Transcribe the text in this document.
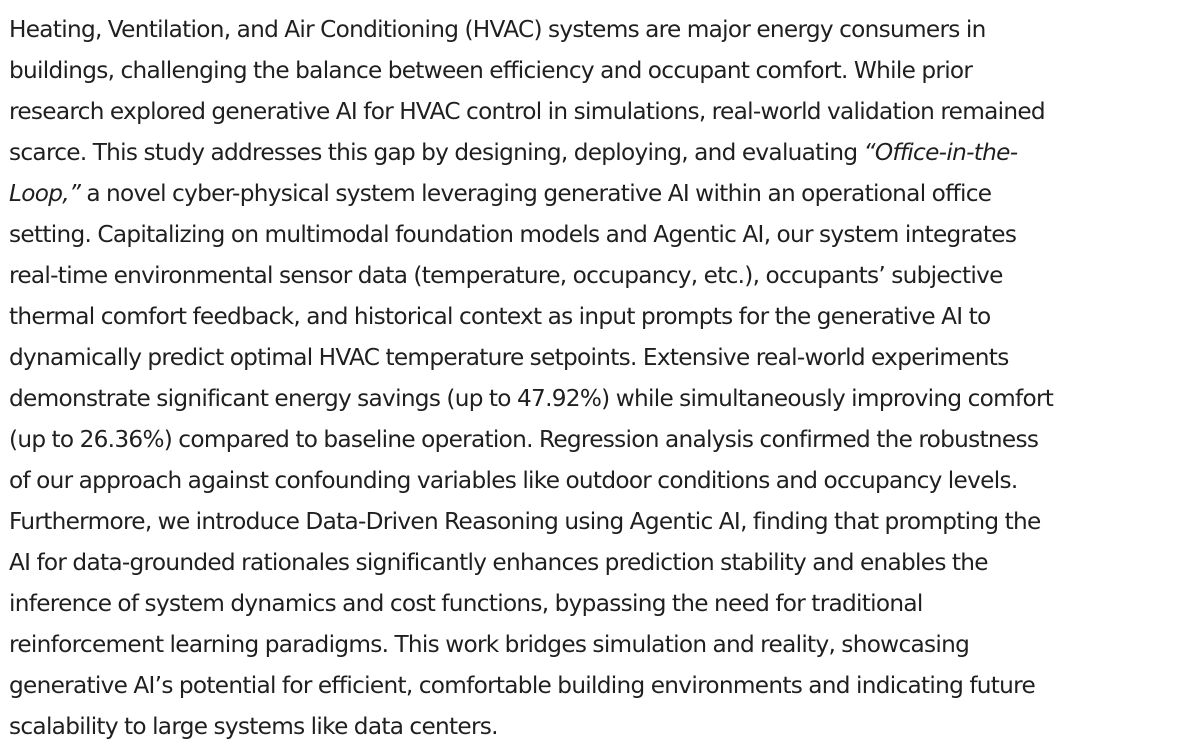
Heating, Ventilation, and Air Conditioning (HVAC) systems are major energy consumers in
buildings, challenging the balance between efficiency and occupant comfort. While prior
research explored generative AI for HVAC control in simulations, real-world validation remained
scarce. This study addresses this gap by designing, deploying, and evaluating “Office-in-the-
Loop,” a novel cyber-physical system leveraging generative AI within an operational office
setting. Capitalizing on multimodal foundation models and Agentic AI, our system integrates
real-time environmental sensor data (temperature, occupancy, etc.), occupants’ subjective
thermal comfort feedback, and historical context as input prompts for the generative AI to
dynamically predict optimal HVAC temperature setpoints. Extensive real-world experiments
demonstrate significant energy savings (up to 47.92%) while simultaneously improving comfort
(up to 26.36%) compared to baseline operation. Regression analysis confirmed the robustness
of our approach against confounding variables like outdoor conditions and occupancy levels.
Furthermore, we introduce Data-Driven Reasoning using Agentic AI, finding that prompting the
AI for data-grounded rationales significantly enhances prediction stability and enables the
inference of system dynamics and cost functions, bypassing the need for traditional
reinforcement learning paradigms. This work bridges simulation and reality, showcasing
generative AI’s potential for efficient, comfortable building environments and indicating future
scalability to large systems like data centers.
